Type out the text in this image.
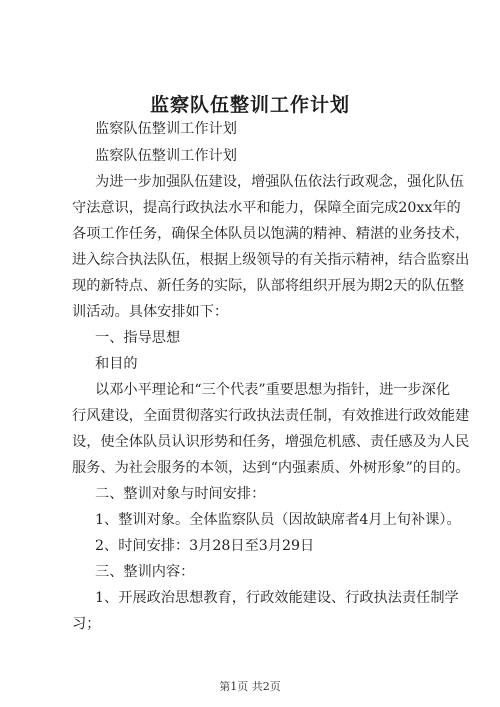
监察队伍整训工作计划
监察队伍整训工作计划
监察队伍整训工作计划
为进一步加强队伍建设，增强队伍依法行政观念，强化队伍
守法意识，提高行政执法水平和能力，保障全面完成20xx年的
各项工作任务，确保全体队员以饱满的精神、精湛的业务技术，
进入综合执法队伍，根据上级领导的有关指示精神，结合监察出
现的新特点、新任务的实际，队部将组织开展为期2天的队伍整
训活动。具体安排如下：
一、指导思想
和目的
以邓小平理论和“三个代表”重要思想为指针，进一步深化
行风建设，全面贯彻落实行政执法责任制，有效推进行政效能建
设，使全体队员认识形势和任务，增强危机感、责任感及为人民
服务、为社会服务的本领，达到“内强素质、外树形象”的目的。
二、整训对象与时间安排：
1、整训对象。全体监察队员（因故缺席者4月上旬补课）。
2、时间安排：3月28日至3月29日
三、整训内容：
1、开展政治思想教育，行政效能建设、行政执法责任制学
习；
第1页 共2页
